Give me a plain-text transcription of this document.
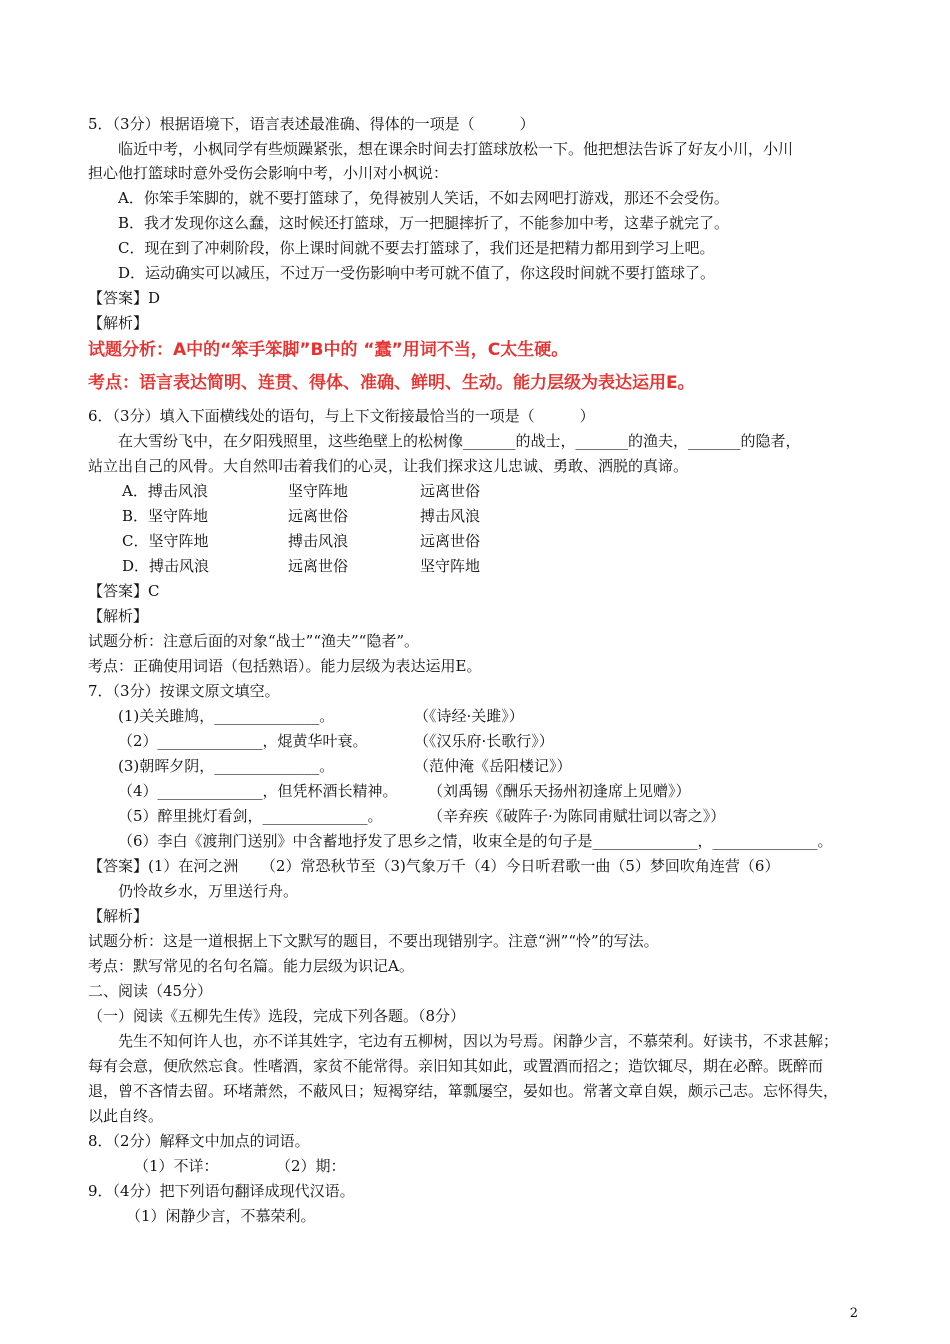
5．（3分）根据语境下，语言表述最准确、得体的一项是（　　　）
临近中考，小枫同学有些烦躁紧张，想在课余时间去打篮球放松一下。他把想法告诉了好友小川，小川
担心他打篮球时意外受伤会影响中考，小川对小枫说：
A．你笨手笨脚的，就不要打篮球了，免得被别人笑话，不如去网吧打游戏，那还不会受伤。
B．我才发现你这么蠢，这时候还打篮球，万一把腿摔折了，不能参加中考，这辈子就完了。
C．现在到了冲刺阶段，你上课时间就不要去打篮球了，我们还是把精力都用到学习上吧。
D．运动确实可以减压，不过万一受伤影响中考可就不值了，你这段时间就不要打篮球了。
【答案】D
【解析】
试题分析：A中的“笨手笨脚”B中的 “蠢”用词不当，C太生硬。
考点：语言表达简明、连贯、得体、准确、鲜明、生动。能力层级为表达运用E。
6．（3分）填入下面横线处的语句，与上下文衔接最恰当的一项是（　　　）
在大雪纷飞中，在夕阳残照里，这些绝壁上的松树像_______的战士，_______的渔夫，_______的隐者，
站立出自己的风骨。大自然叩击着我们的心灵，让我们探求这儿忠诚、勇敢、洒脱的真谛。
A．搏击风浪	坚守阵地	远离世俗
B．坚守阵地	远离世俗	搏击风浪
C．坚守阵地	搏击风浪	远离世俗
D．搏击风浪	远离世俗	坚守阵地
【答案】C
【解析】
试题分析：注意后面的对象“战士”“渔夫”“隐者”。
考点：正确使用词语（包括熟语）。能力层级为表达运用E。
7．（3分）按课文原文填空。
(1)关关雎鸠，______________。	（《诗经·关雎》）
（2）______________，焜黄华叶衰。	（《汉乐府·长歌行》）
(3)朝晖夕阴，______________。	（范仲淹《岳阳楼记》）
（4）______________，但凭杯酒长精神。 （刘禹锡《酬乐天扬州初逢席上见赠》）
（5）醉里挑灯看剑，______________。	（辛弃疾《破阵子·为陈同甫赋壮词以寄之》）
（6）李白《渡荆门送别》中含蓄地抒发了思乡之情，收束全是的句子是______________，______________。
【答案】(1）在河之洲　　（2）常恐秋节至（3)气象万千（4）今日听君歌一曲（5）梦回吹角连营（6）
仍怜故乡水，万里送行舟。
【解析】
试题分析：这是一道根据上下文默写的题目，不要出现错别字。注意“洲”“怜”的写法。
考点：默写常见的名句名篇。能力层级为识记A。
二、阅读（45分）
（一）阅读《五柳先生传》选段，完成下列各题。（8分）
先生不知何许人也，亦不详其姓字，宅边有五柳树，因以为号焉。闲静少言，不慕荣利。好读书，不求甚解；
每有会意，便欣然忘食。性嗜酒，家贫不能常得。亲旧知其如此，或置酒而招之；造饮辄尽，期在必醉。既醉而
退，曾不吝情去留。环堵萧然，不蔽风日；短褐穿结，箪瓢屡空，晏如也。常著文章自娱，颇示己志。忘怀得失，
以此自终。
8．（2分）解释文中加点的词语。
（1）不详：	（2）期：
9．（4分）把下列语句翻译成现代汉语。
（1）闲静少言，不慕荣利。
2
